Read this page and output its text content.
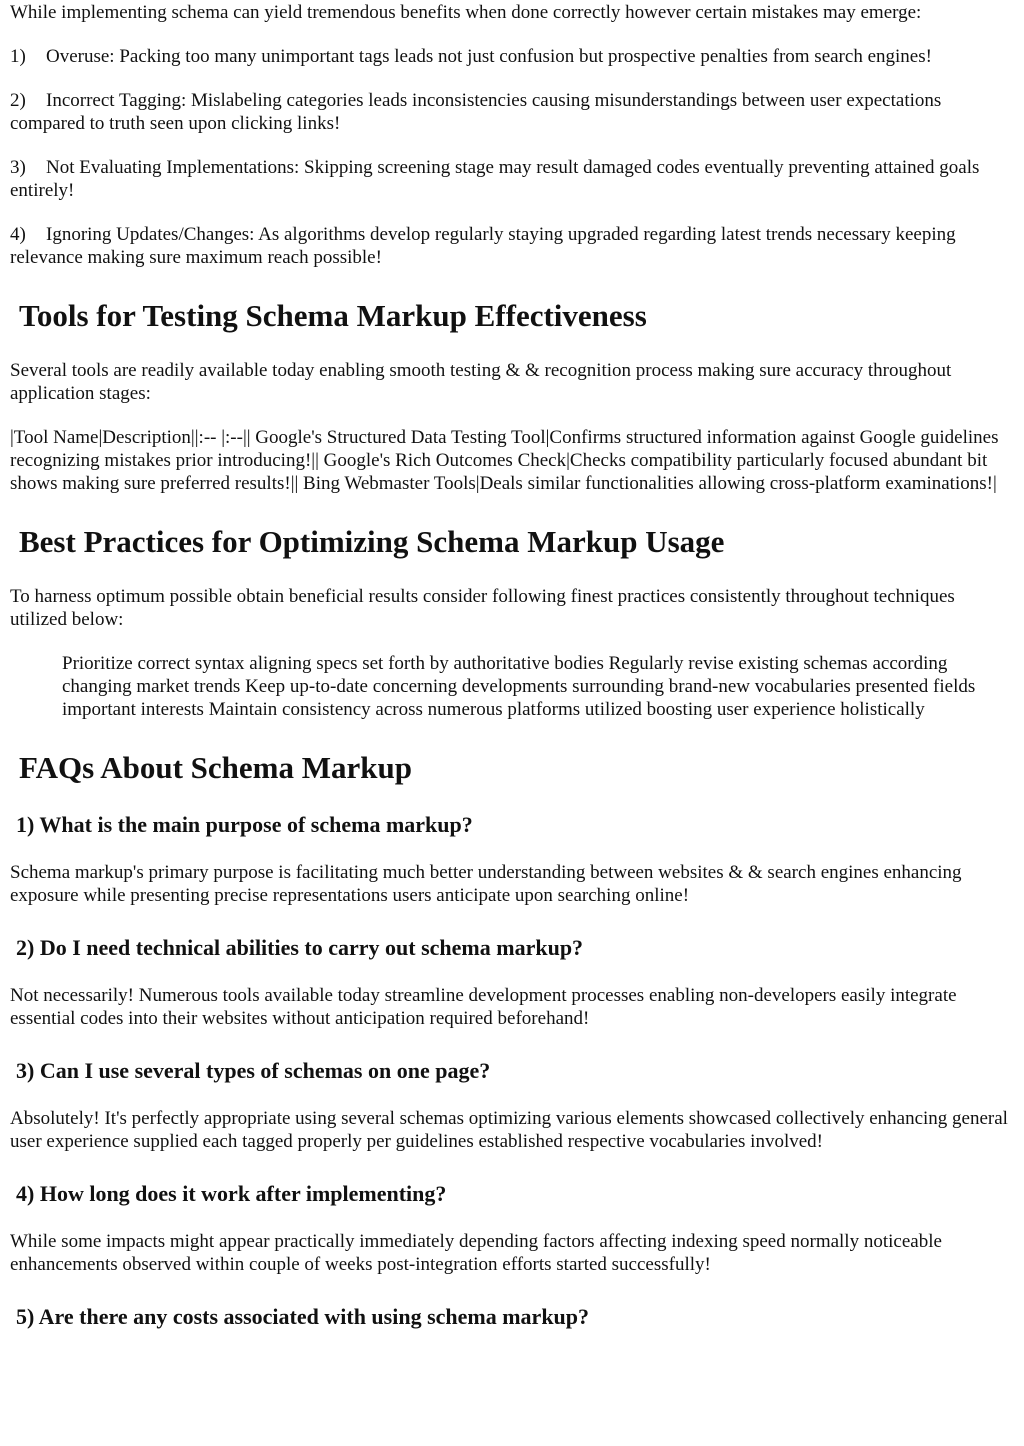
While implementing schema can yield tremendous benefits when done correctly however certain mistakes may emerge:

1) Overuse: Packing too many unimportant tags leads not just confusion but prospective penalties from search engines!

2) Incorrect Tagging: Mislabeling categories leads inconsistencies causing misunderstandings between user expectations compared to truth seen upon clicking links!

3) Not Evaluating Implementations: Skipping screening stage may result damaged codes eventually preventing attained goals entirely!

4) Ignoring Updates/Changes: As algorithms develop regularly staying upgraded regarding latest trends necessary keeping relevance making sure maximum reach possible!

Tools for Testing Schema Markup Effectiveness

Several tools are readily available today enabling smooth testing & & recognition process making sure accuracy throughout application stages:

|Tool Name|Description||:-- |:--|| Google's Structured Data Testing Tool|Confirms structured information against Google guidelines recognizing mistakes prior introducing!|| Google's Rich Outcomes Check|Checks compatibility particularly focused abundant bit shows making sure preferred results!|| Bing Webmaster Tools|Deals similar functionalities allowing cross-platform examinations!|

Best Practices for Optimizing Schema Markup Usage

To harness optimum possible obtain beneficial results consider following finest practices consistently throughout techniques utilized below:

Prioritize correct syntax aligning specs set forth by authoritative bodies Regularly revise existing schemas according changing market trends Keep up-to-date concerning developments surrounding brand-new vocabularies presented fields important interests Maintain consistency across numerous platforms utilized boosting user experience holistically

FAQs About Schema Markup
1) What is the main purpose of schema markup?

Schema markup's primary purpose is facilitating much better understanding between websites & & search engines enhancing exposure while presenting precise representations users anticipate upon searching online!

2) Do I need technical abilities to carry out schema markup?

Not necessarily! Numerous tools available today streamline development processes enabling non-developers easily integrate essential codes into their websites without anticipation required beforehand!

3) Can I use several types of schemas on one page?

Absolutely! It's perfectly appropriate using several schemas optimizing various elements showcased collectively enhancing general user experience supplied each tagged properly per guidelines established respective vocabularies involved!

4) How long does it work after implementing?

While some impacts might appear practically immediately depending factors affecting indexing speed normally noticeable enhancements observed within couple of weeks post-integration efforts started successfully!

5) Are there any costs associated with using schema markup?
